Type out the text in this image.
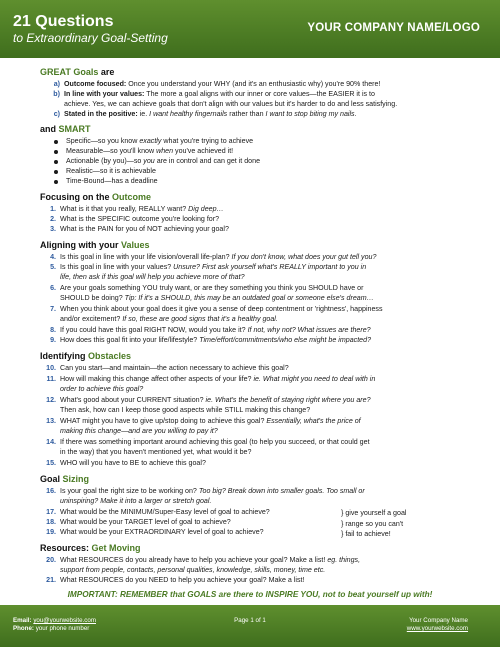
21 Questions
to Extraordinary Goal-Setting
YOUR COMPANY NAME/LOGO
GREAT Goals are
a) Outcome focused: Once you understand your WHY (and it's an enthusiastic why) you're 90% there!
b) In line with your values: The more a goal aligns with our inner or core values—the EASIER it is to
achieve. Yes, we can achieve goals that don't align with our values but it's harder to do and less satisfying.
c) Stated in the positive: ie. I want healthy fingernails rather than I want to stop biting my nails.
and SMART
Specific—so you know exactly what you're trying to achieve
Measurable—so you'll know when you've achieved it!
Actionable (by you)—so you are in control and can get it done
Realistic—so it is achievable
Time-Bound—has a deadline
Focusing on the Outcome
1. What is it that you really, REALLY want? Dig deep…
2. What is the SPECIFIC outcome you're looking for?
3. What is the PAIN for you of NOT achieving your goal?
Aligning with your Values
4. Is this goal in line with your life vision/overall life-plan? If you don't know, what does your gut tell you?
5. Is this goal in line with your values? Unsure? First ask yourself what's REALLY important to you in
life, then ask if this goal will help you achieve more of that?
6. Are your goals something YOU truly want, or are they something you think you SHOULD have or
SHOULD be doing? Tip: If it's a SHOULD, this may be an outdated goal or someone else's dream…
7. When you think about your goal does it give you a sense of deep contentment or 'rightness', happiness
and/or excitement? If so, these are good signs that it's a healthy goal.
8. If you could have this goal RIGHT NOW, would you take it? If not, why not? What issues are there?
9. How does this goal fit into your life/lifestyle? Time/effort/commitments/who else might be impacted?
Identifying Obstacles
10. Can you start—and maintain—the action necessary to achieve this goal?
11. How will making this change affect other aspects of your life? ie. What might you need to deal with in
order to achieve this goal?
12. What's good about your CURRENT situation? ie. What's the benefit of staying right where you are?
Then ask, how can I keep those good aspects while STILL making this change?
13. WHAT might you have to give up/stop doing to achieve this goal? Essentially, what's the price of
making this change—and are you willing to pay it?
14. If there was something important around achieving this goal (to help you succeed, or that could get
in the way) that you haven't mentioned yet, what would it be?
15. WHO will you have to BE to achieve this goal?
Goal Sizing
16. Is your goal the right size to be working on? Too big? Break down into smaller goals. Too small or
uninspiring? Make it into a larger or stretch goal.
17. What would be the MINIMUM/Super-Easy level of goal to achieve?
18. What would be your TARGET level of goal to achieve?
19. What would be your EXTRAORDINARY level of goal to achieve?
} give yourself a goal
} range so you can't
} fail to achieve!
Resources: Get Moving
20. What RESOURCES do you already have to help you achieve your goal? Make a list! eg. things,
support from people, contacts, personal qualities, knowledge, skills, money, time etc.
21. What RESOURCES do you NEED to help you achieve your goal? Make a list!
IMPORTANT: REMEMBER that GOALS are there to INSPIRE YOU, not to beat yourself up with!
Email: you@yourwebsite.com
Phone: your phone number
Page 1 of 1	Your Company Name
www.yourwebsite.com
